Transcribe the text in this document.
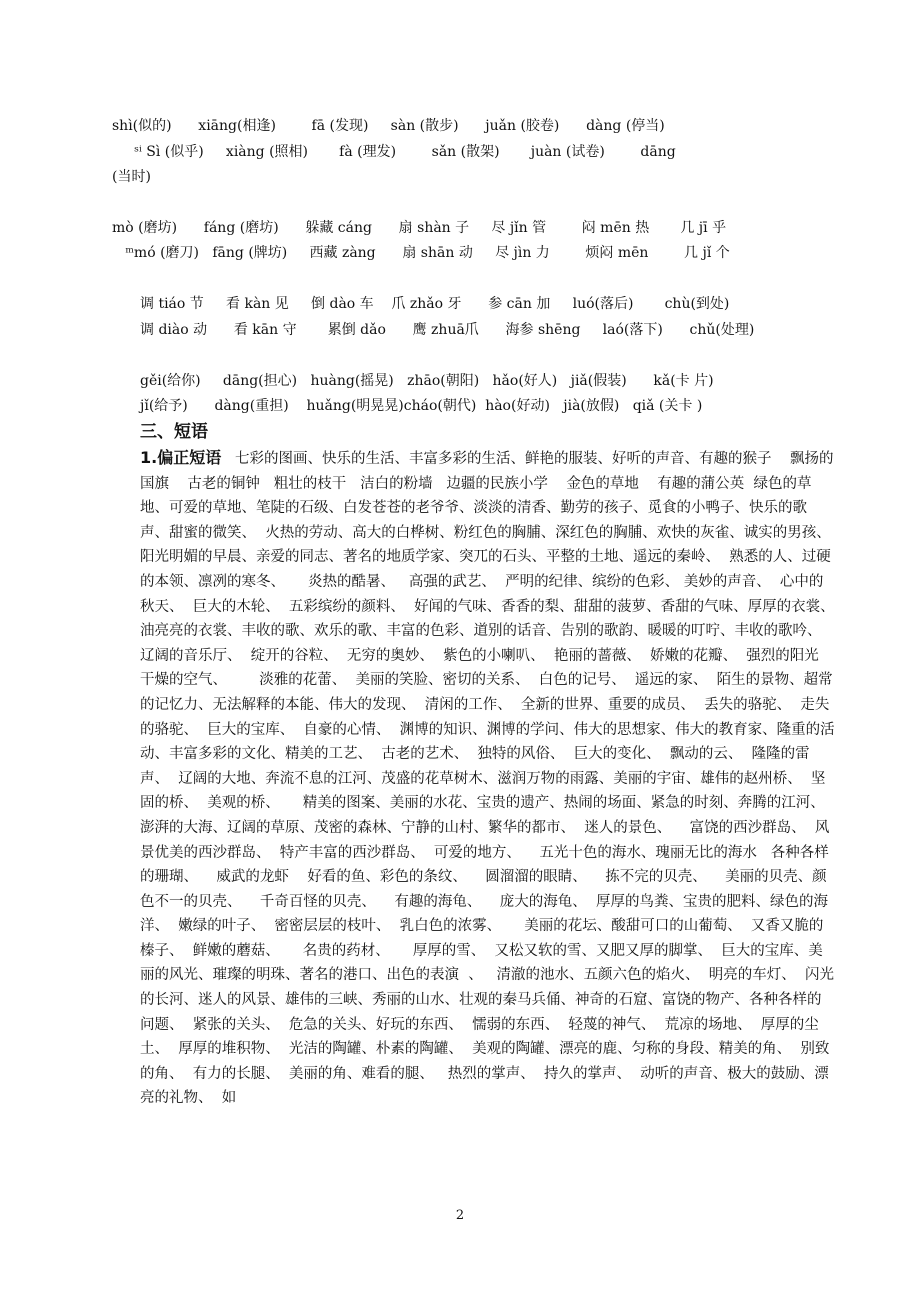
shì(似的)      xiāng(相逢)        fā (发现)     sàn (散步)      juǎn (胶卷)      dàng (停当)

ˢⁱ Sì (似乎)     xiàng (照相)       fà (理发)        sǎn (散架)       juàn (试卷)        dāng

(当时)

mò (磨坊)      fáng (磨坊)      躲藏 cáng      扇 shàn 子     尽 jǐn 管        闷 mēn 热       几 jī 乎

ᵐmó (磨刀)   fāng (牌坊)     西藏 zàng      扇 shān 动     尽 jìn 力        烦闷 mēn        几 jǐ 个

调 tiáo 节     看 kàn 见     倒 dào 车    爪 zhǎo 牙      参 cān 加     luó(落后)       chù(到处)

调 diào 动      看 kān 守       累倒 dǎo      鹰 zhuā爪      海参 shēng     laó(落下)      chǔ(处理)

gěi(给你)     dāng(担心)   huàng(摇晃)   zhāo(朝阳)   hǎo(好人)   jiǎ(假装)      kǎ(卡 片)

jǐ(给予)      dàng(重担)    huǎng(明晃晃)cháo(朝代)  hào(好动)   jià(放假)   qiǎ (关卡 )

三、短语

1.偏正短语   七彩的图画、快乐的生活、丰富多彩的生活、鲜艳的服装、好听的声音、有趣的猴子    飘扬的国旗    古老的铜钟   粗壮的枝干   洁白的粉墙   边疆的民族小学    金色的草地    有趣的蒲公英  绿色的草地、可爱的草地、笔陡的石级、白发苍苍的老爷爷、淡淡的清香、勤劳的孩子、觅食的小鸭子、快乐的歌声、甜蜜的微笑、  火热的劳动、高大的白桦树、粉红色的胸脯、深红色的胸脯、欢快的灰雀、诚实的男孩、阳光明媚的早晨、亲爱的同志、著名的地质学家、突兀的石头、平整的土地、遥远的秦岭、  熟悉的人、过硬的本领、凛冽的寒冬、     炎热的酷暑、   高强的武艺、  严明的纪律、缤纷的色彩、 美妙的声音、  心中的秋天、  巨大的木轮、  五彩缤纷的颜料、  好闻的气味、香香的梨、甜甜的菠萝、香甜的气味、厚厚的衣裳、油亮亮的衣裳、丰收的歌、欢乐的歌、丰富的色彩、道别的话音、告别的歌韵、暖暖的叮咛、丰收的歌吟、辽阔的音乐厅、  绽开的谷粒、  无穷的奥妙、  紫色的小喇叭、  艳丽的蔷薇、  娇嫩的花瓣、  强烈的阳光 干燥的空气、       淡雅的花蕾、  美丽的笑脸、密切的关系、  白色的记号、  遥远的家、  陌生的景物、超常的记忆力、无法解释的本能、伟大的发现、  清闲的工作、  全新的世界、重要的成员、  丢失的骆驼、  走失的骆驼、  巨大的宝库、  自豪的心情、  渊博的知识、渊博的学问、伟大的思想家、伟大的教育家、隆重的活动、丰富多彩的文化、精美的工艺、  古老的艺术、  独特的风俗、  巨大的变化、  飘动的云、  隆隆的雷声、  辽阔的大地、奔流不息的江河、茂盛的花草树木、滋润万物的雨露、美丽的宇宙、雄伟的赵州桥、  坚固的桥、  美观的桥、     精美的图案、美丽的水花、宝贵的遗产、热闹的场面、紧急的时刻、奔腾的江河、澎湃的大海、辽阔的草原、茂密的森林、宁静的山村、繁华的都市、  迷人的景色、    富饶的西沙群岛、  风景优美的西沙群岛、  特产丰富的西沙群岛、  可爱的地方、    五光十色的海水、瑰丽无比的海水   各种各样的珊瑚、    威武的龙虾    好看的鱼、彩色的条纹、    圆溜溜的眼睛、    拣不完的贝壳、    美丽的贝壳、颜色不一的贝壳、    千奇百怪的贝壳、    有趣的海龟、    庞大的海龟、  厚厚的鸟粪、宝贵的肥料、绿色的海洋、  嫩绿的叶子、  密密层层的枝叶、  乳白色的浓雾、     美丽的花坛、酸甜可口的山葡萄、  又香又脆的榛子、  鲜嫩的蘑菇、     名贵的药材、     厚厚的雪、  又松又软的雪、又肥又厚的脚掌、  巨大的宝库、美丽的风光、璀璨的明珠、著名的港口、出色的表演  、   清澈的池水、五颜六色的焰火、  明亮的车灯、  闪光的长河、迷人的风景、雄伟的三峡、秀丽的山水、壮观的秦马兵俑、神奇的石窟、富饶的物产、各种各样的问题、  紧张的关头、  危急的关头、好玩的东西、  懦弱的东西、  轻蔑的神气、  荒凉的场地、  厚厚的尘土、  厚厚的堆积物、  光洁的陶罐、朴素的陶罐、  美观的陶罐、漂亮的鹿、匀称的身段、精美的角、  别致的角、  有力的长腿、  美丽的角、难看的腿、   热烈的掌声、  持久的掌声、  动听的声音、极大的鼓励、漂亮的礼物、  如

2
